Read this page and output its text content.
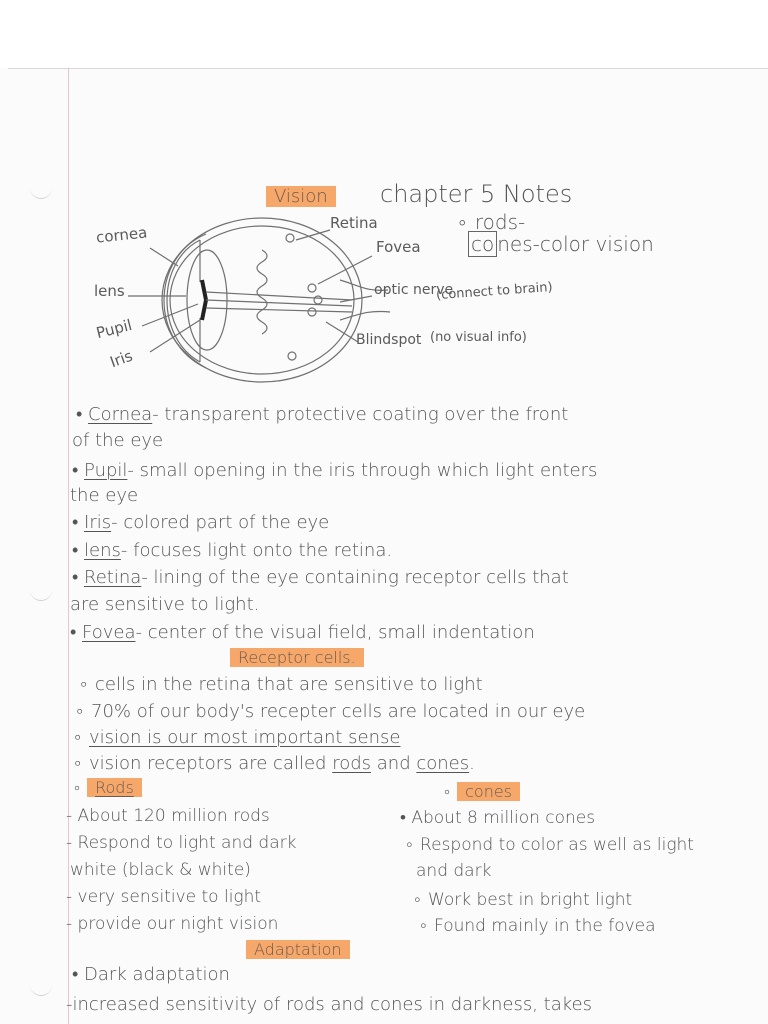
Vision	chapter 5 Notes
∘ rods-
co nes-color vision
cornea
lens
Pupil
Iris
Retina
Fovea
optic nerve
(connect to brain)
Blindspot (no visual info)
• Cornea- transparent protective coating over the front
of the eye
• Pupil- small opening in the iris through which light enters
the eye
• Iris- colored part of the eye
• lens- focuses light onto the retina.
• Retina- lining of the eye containing receptor cells that
are sensitive to light.
• Fovea- center of the visual field, small indentation
Receptor cells.
∘ cells in the retina that are sensitive to light
∘ 70% of our body's recepter cells are located in our eye
∘ vision is our most important sense
∘ vision receptors are called rods and cones.
∘ Rods
- About 120 million rods
- Respond to light and dark
white (black & white)
- very sensitive to light
- provide our night vision
∘ cones
• About 8 million cones
∘ Respond to color as well as light
and dark
∘ Work best in bright light
∘ Found mainly in the fovea
Adaptation
• Dark adaptation
-increased sensitivity of rods and cones in darkness, takes
